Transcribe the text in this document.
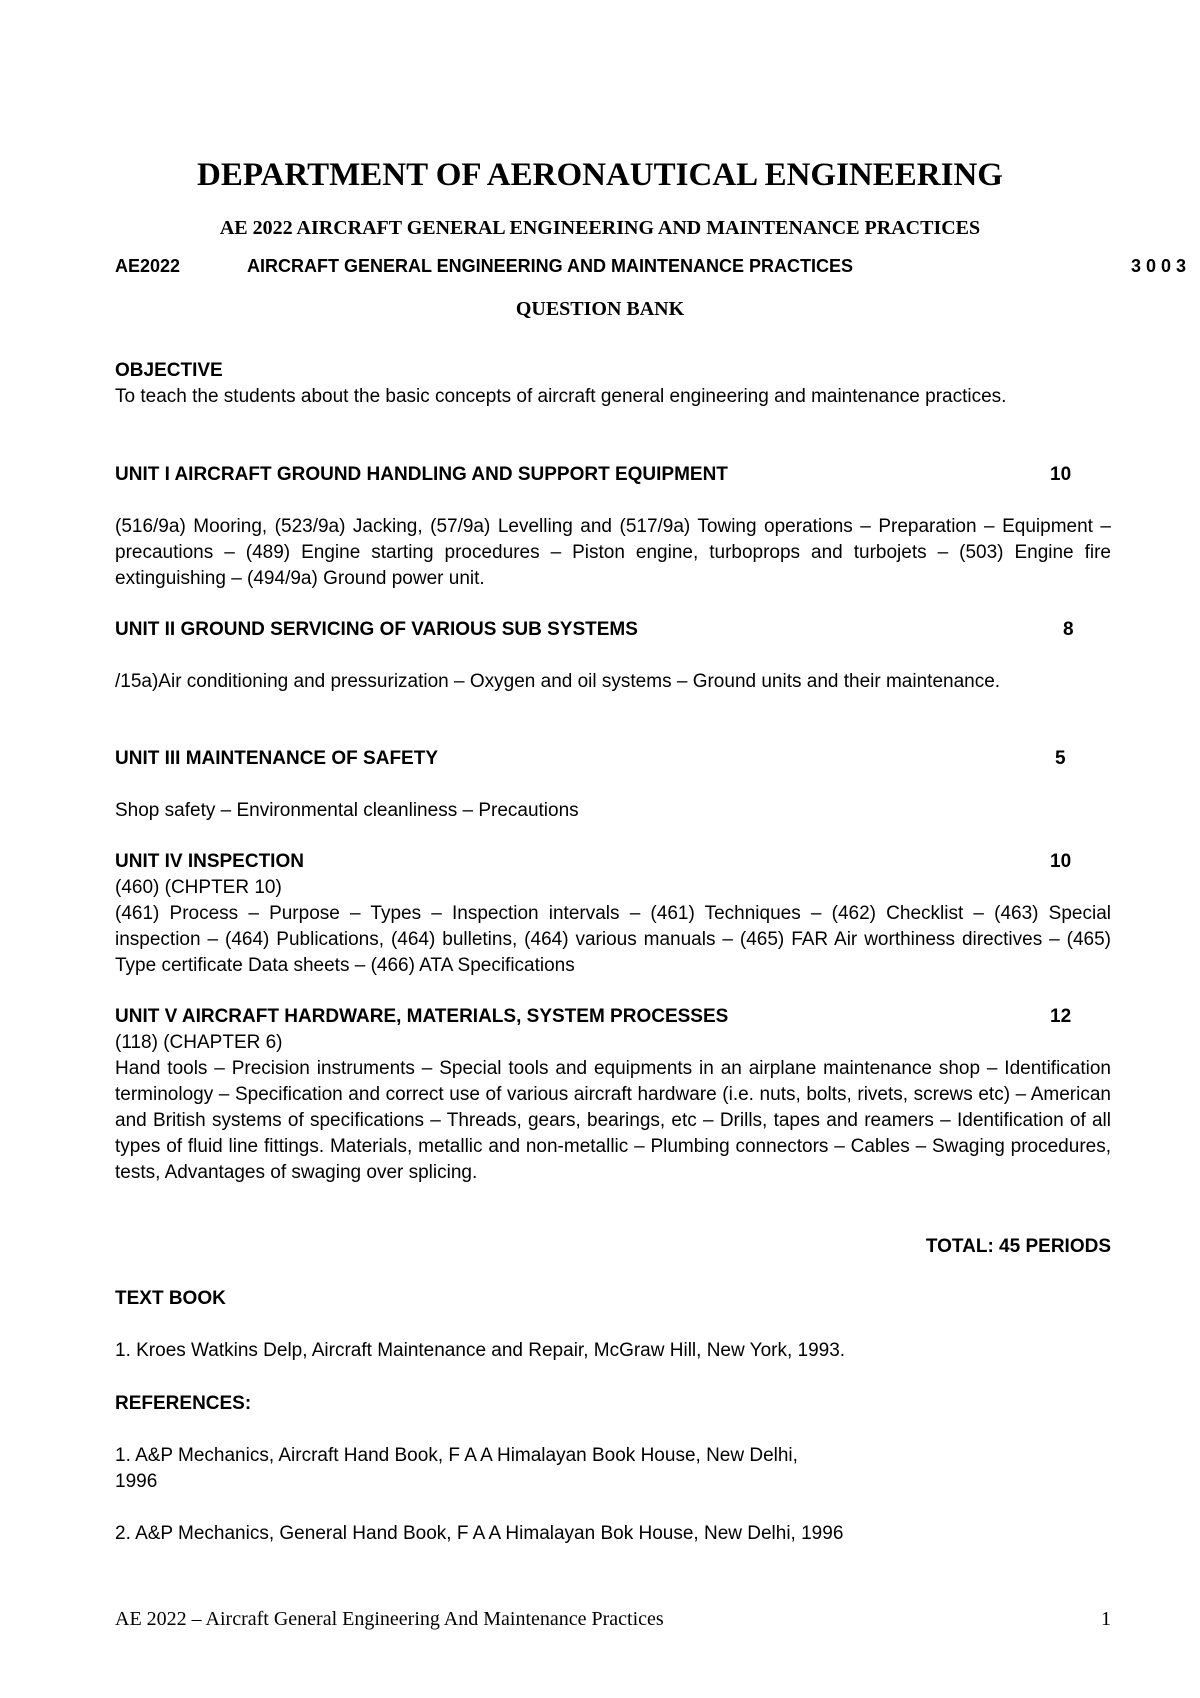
DEPARTMENT OF AERONAUTICAL ENGINEERING
AE 2022 AIRCRAFT GENERAL ENGINEERING AND MAINTENANCE PRACTICES
AE2022	AIRCRAFT GENERAL ENGINEERING AND MAINTENANCE PRACTICES	3 0 0 3
QUESTION BANK
OBJECTIVE

To teach the students about the basic concepts of aircraft general engineering and maintenance practices.

UNIT I AIRCRAFT GROUND HANDLING AND SUPPORT EQUIPMENT	10

(516/9a) Mooring, (523/9a) Jacking, (57/9a) Levelling and (517/9a) Towing operations – Preparation – Equipment – precautions – (489) Engine starting procedures – Piston engine, turboprops and turbojets – (503) Engine fire extinguishing – (494/9a) Ground power unit.

UNIT II GROUND SERVICING OF VARIOUS SUB SYSTEMS	8

/15a)Air conditioning and pressurization – Oxygen and oil systems – Ground units and their maintenance.

UNIT III MAINTENANCE OF SAFETY	5

Shop safety – Environmental cleanliness – Precautions

UNIT IV INSPECTION	10

(460) (CHPTER 10)

(461) Process – Purpose – Types – Inspection intervals – (461) Techniques – (462) Checklist – (463) Special inspection – (464) Publications, (464) bulletins, (464) various manuals – (465) FAR Air worthiness directives – (465) Type certificate Data sheets – (466) ATA Specifications

UNIT V AIRCRAFT HARDWARE, MATERIALS, SYSTEM PROCESSES	12

(118) (CHAPTER 6)

Hand tools – Precision instruments – Special tools and equipments in an airplane maintenance shop – Identification terminology – Specification and correct use of various aircraft hardware (i.e. nuts, bolts, rivets, screws etc) – American and British systems of specifications – Threads, gears, bearings, etc – Drills, tapes and reamers – Identification of all types of fluid line fittings. Materials, metallic and non-metallic – Plumbing connectors – Cables – Swaging procedures, tests, Advantages of swaging over splicing.

TOTAL: 45 PERIODS

TEXT BOOK

1. Kroes Watkins Delp, Aircraft Maintenance and Repair, McGraw Hill, New York, 1993.

REFERENCES:

1. A&P Mechanics, Aircraft Hand Book, F A A Himalayan Book House, New Delhi,

1996

2. A&P Mechanics, General Hand Book, F A A Himalayan Bok House, New Delhi, 1996

AE 2022 – Aircraft General Engineering And Maintenance Practices	1
